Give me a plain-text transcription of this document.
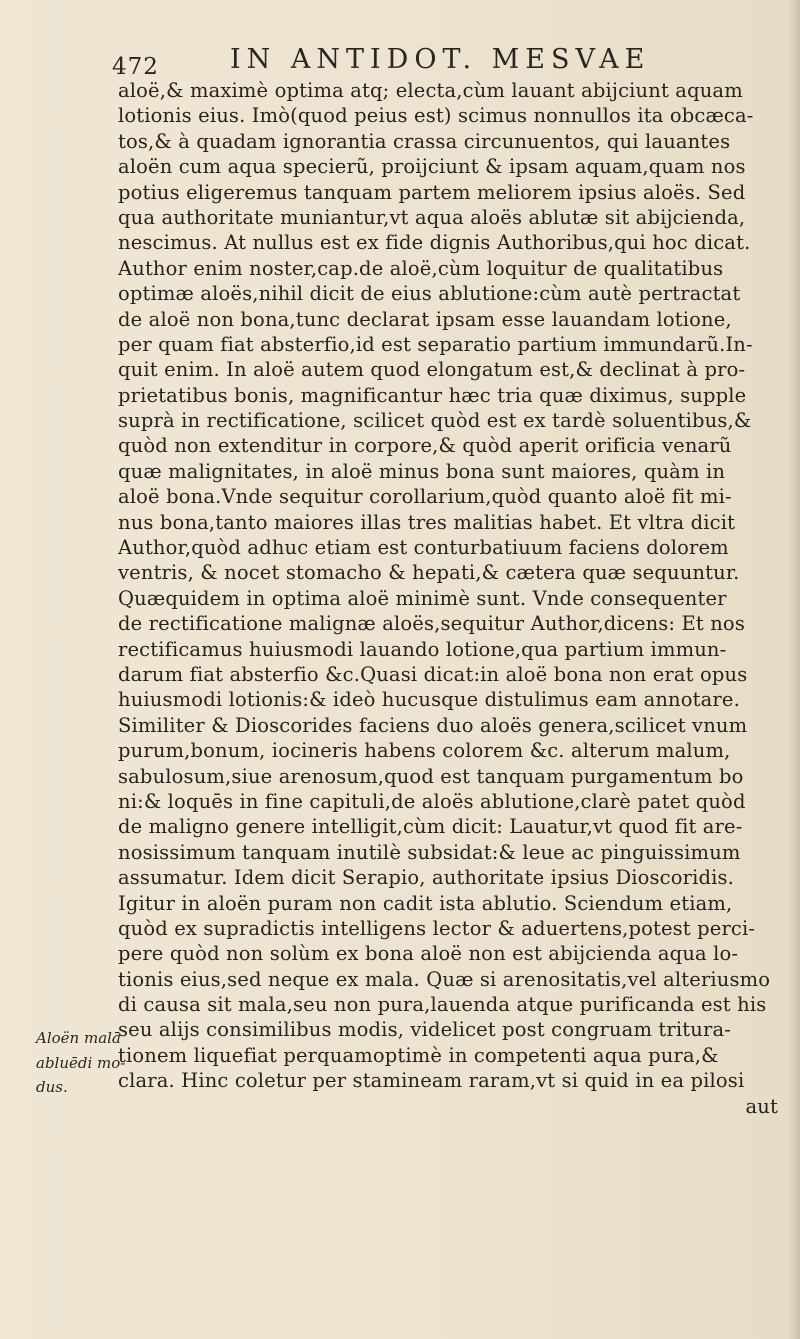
472	IN ANTIDOT. MESVAE
aloë,& maximè optima atq; electa,cùm lauant abijciunt aquam
lotionis eius. Imò(quod peius est) scimus nonnullos ita obcæca-
tos,& à quadam ignorantia crassa circunuentos, qui lauantes
aloën cum aqua specierũ, proijciunt & ipsam aquam,quam nos
potius eligeremus tanquam partem meliorem ipsius aloës. Sed
qua authoritate muniantur,vt aqua aloës ablutæ sit abijcienda,
nescimus. At nullus est ex fide dignis Authoribus,qui hoc dicat.
Author enim noster,cap.de aloë,cùm loquitur de qualitatibus
optimæ aloës,nihil dicit de eius ablutione:cùm autè pertractat
de aloë non bona,tunc declarat ipsam esse lauandam lotione,
per quam fiat absterfio,id est separatio partium immundarũ.In-
quit enim. In aloë autem quod elongatum est,& declinat à pro-
prietatibus bonis, magnificantur hæc tria quæ diximus, supple
suprà in rectificatione, scilicet quòd est ex tardè soluentibus,&
quòd non extenditur in corpore,& quòd aperit orificia venarũ
quæ malignitates, in aloë minus bona sunt maiores, quàm in
aloë bona.Vnde sequitur corollarium,quòd quanto aloë fit mi-
nus bona,tanto maiores illas tres malitias habet. Et vltra dicit
Author,quòd adhuc etiam est conturbatiuum faciens dolorem
ventris, & nocet stomacho & hepati,& cætera quæ sequuntur.
Quæquidem in optima aloë minimè sunt. Vnde consequenter
de rectificatione malignæ aloës,sequitur Author,dicens: Et nos
rectificamus huiusmodi lauando lotione,qua partium immun-
darum fiat absterfio &c.Quasi dicat:in aloë bona non erat opus
huiusmodi lotionis:& ideò hucusque distulimus eam annotare.
Similiter & Dioscorides faciens duo aloës genera,scilicet vnum
purum,bonum, iocineris habens colorem &c. alterum malum,
sabulosum,siue arenosum,quod est tanquam purgamentum bo
ni:& loquēs in fine capituli,de aloës ablutione,clarè patet quòd
de maligno genere intelligit,cùm dicit: Lauatur,vt quod fit are-
nosissimum tanquam inutilè subsidat:& leue ac pinguissimum
assumatur. Idem dicit Serapio, authoritate ipsius Dioscoridis.
Igitur in aloën puram non cadit ista ablutio. Sciendum etiam,
quòd ex supradictis intelligens lector & aduertens,potest perci-
pere quòd non solùm ex bona aloë non est abijcienda aqua lo-
tionis eius,sed neque ex mala. Quæ si arenositatis,vel alteriusmo
di causa sit mala,seu non pura,lauenda atque purificanda est his
seu alijs consimilibus modis, videlicet post congruam tritura-
tionem liquefiat perquamoptimè in competenti aqua pura,&
clara. Hinc coletur per stamineam raram,vt si quid in ea pilosi
aut
Aloën malā
abluēdi mo-
dus.
